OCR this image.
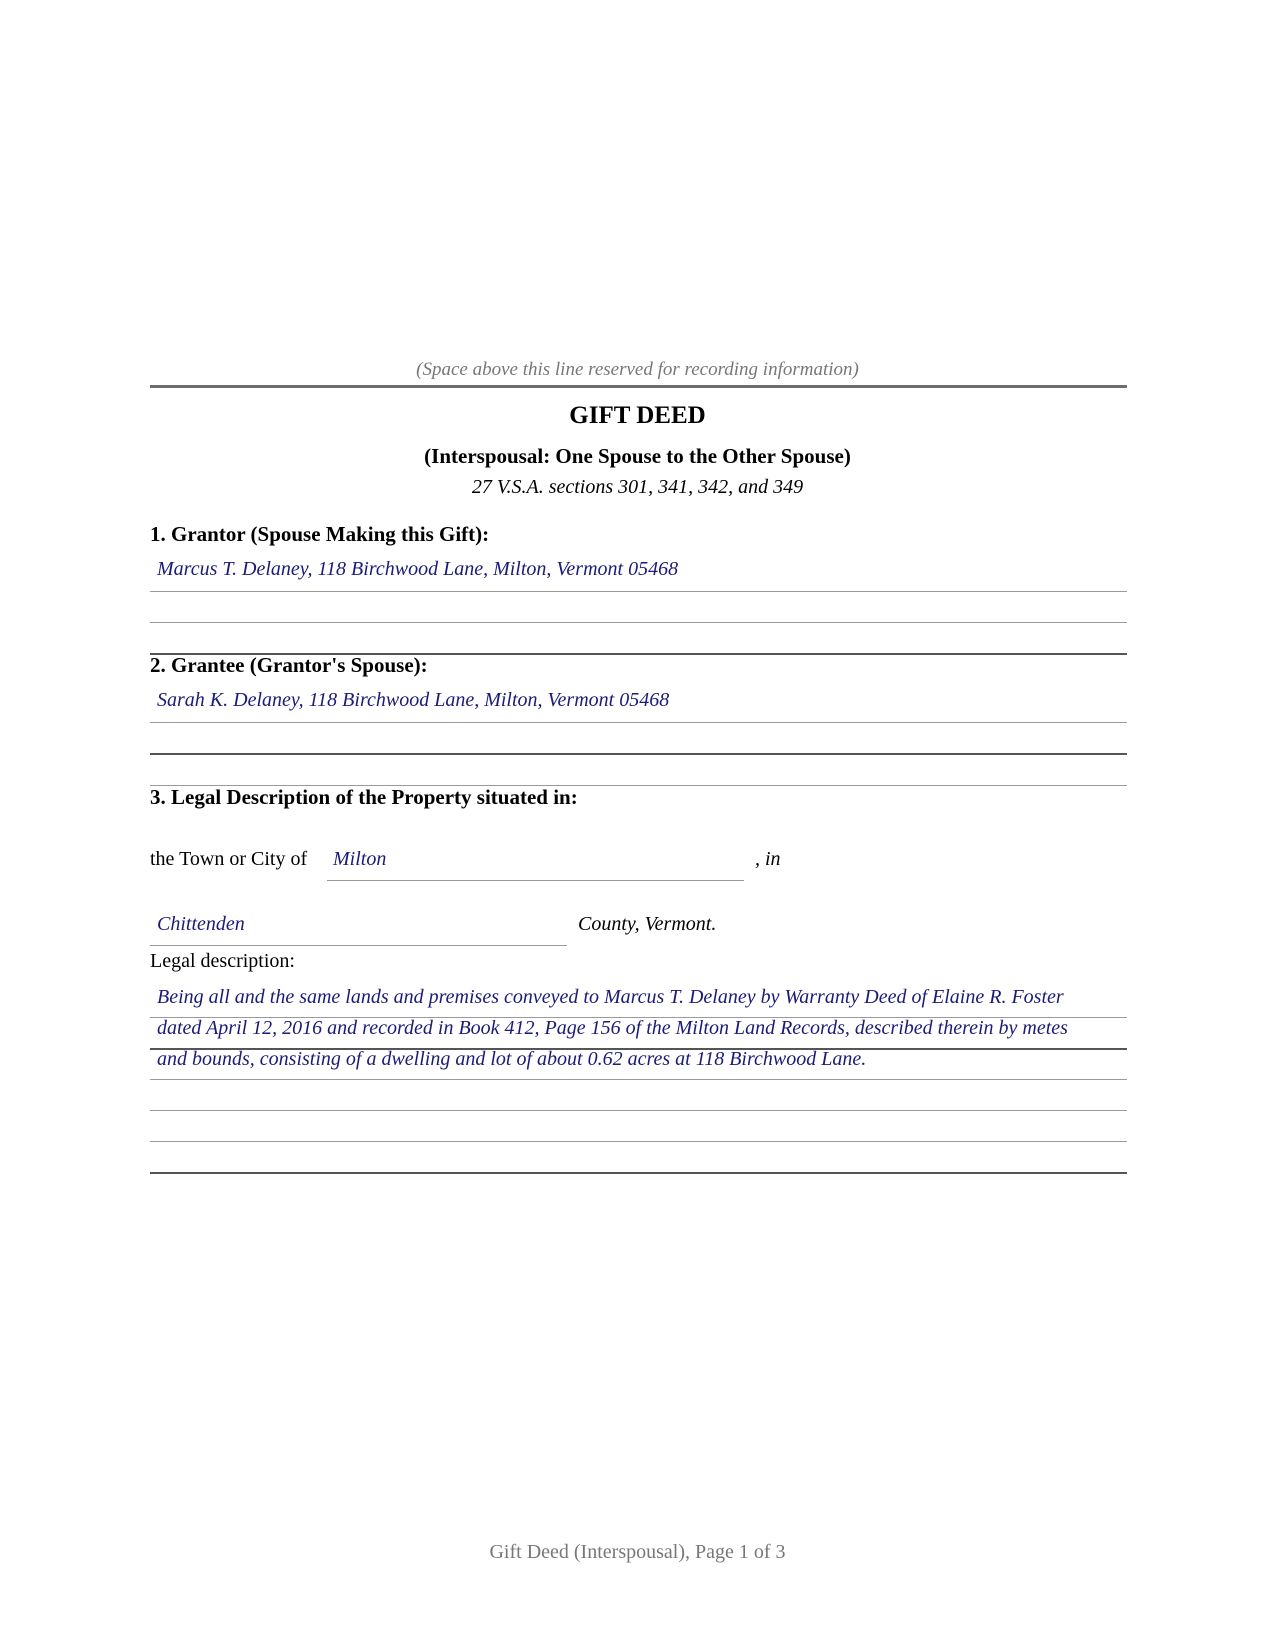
(Space above this line reserved for recording information)
GIFT DEED
(Interspousal: One Spouse to the Other Spouse)
27 V.S.A. sections 301, 341, 342, and 349
1. Grantor (Spouse Making this Gift):
Marcus T. Delaney, 118 Birchwood Lane, Milton, Vermont 05468
2. Grantee (Grantor's Spouse):
Sarah K. Delaney, 118 Birchwood Lane, Milton, Vermont 05468
3. Legal Description of the Property situated in:
the Town or City of Milton	, in
Chittenden	County, Vermont.
Legal description:
Being all and the same lands and premises conveyed to Marcus T. Delaney by Warranty Deed of Elaine R. Foster
dated April 12, 2016 and recorded in Book 412, Page 156 of the Milton Land Records, described therein by metes
and bounds, consisting of a dwelling and lot of about 0.62 acres at 118 Birchwood Lane.
Gift Deed (Interspousal), Page 1 of 3
